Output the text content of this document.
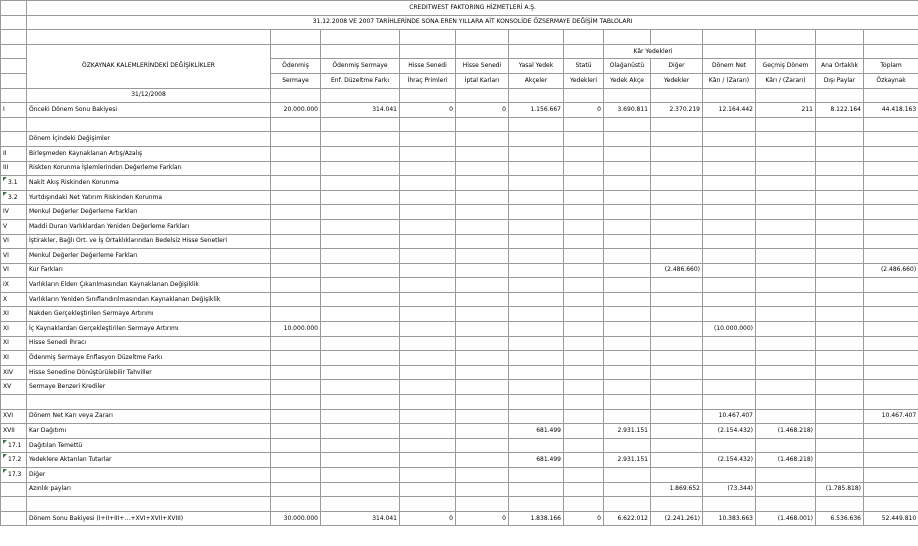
	CREDITWEST FAKTORING HİZMETLERİ A.Ş.												
	31.12.2008 VE 2007 TARİHLERİNDE SONA EREN YILLARA AİT KONSOLİDE ÖZSERMAYE DEĞİŞİM TABLOLARI												

	ÖZKAYNAK KALEMLERİNDEKİ DEĞİŞİKLİKLER							Kâr Yedekleri					
		Ödenmiş	Ödenmiş Sermaye	Hisse Senedi	Hisse Senedi	Yasal Yedek	Statü	Olağanüstü	Diğer	Dönem Net	Geçmiş Dönem	Ana Ortaklık	Toplam
		Sermaye	Enf. Düzeltme Farkı	İhraç Primleri	İptal Karları	Akçeler	Yedekleri	Yedek Akçe	Yedekler	Kârı / (Zararı)	Kârı / (Zararı)	Dışı Paylar	Özkaynak
	31/12/2008												
I	Önceki Dönem Sonu Bakiyesi	20.000.000	314.041	0	0	1.156.667	0	3.690.811	2.370.219	12.164.442	211	8.122.164	44.418.163

	Dönem İçindeki Değişimler												
II	Birleşmeden Kaynaklanan Artış/Azalış												
III	Riskten Korunma İşlemlerinden Değerleme Farkları												
3.1	Nakit Akış Riskinden Korunma												
3.2	Yurtdışındaki Net Yatırım Riskinden Korunma												
IV	Menkul Değerler Değerleme Farkları												
V	Maddi Duran Varlıklardan Yeniden Değerleme Farkları												
VI	İştirakler, Bağlı Ort. ve İş Ortaklıklarından Bedelsiz Hisse Senetleri												
VI	Menkul Değerler Değerleme Farkları												
VI	Kur Farkları								(2.486.660)				(2.486.660)
IX	Varlıkların Elden Çıkarılmasından Kaynaklanan Değişiklik												
X	Varlıkların Yeniden Sınıflandırılmasından Kaynaklanan Değişiklik												
XI	Nakden Gerçekleştirilen Sermaye Artırımı												
XI	İç Kaynaklardan Gerçekleştirilen Sermaye Artırımı	10.000.000								(10.000.000)			
XI	Hisse Senedi İhracı												
XI	Ödenmiş Sermaye Enflasyon Düzeltme Farkı												
XIV	Hisse Senedine Dönüştürülebilir Tahviller												
XV	Sermaye Benzeri Krediler												

XVI	Dönem Net Karı veya Zararı									10.467.407			10.467.407
XVII	Kar Dağıtımı					681.499		2.931.151		(2.154.432)	(1.468.218)		
17.1	Dağıtılan Temettü												
17.2	Yedeklere Aktarılan Tutarlar					681.499		2.931.151		(2.154.432)	(1.468.218)		
17.3	Diğer												
	Azınlık payları								1.869.652	(73.344)		(1.785.818)	

	Dönem Sonu Bakiyesi (I+II+III+…+XVI+XVII+XVIII)	30.000.000	314.041	0	0	1.838.166	0	6.622.012	(2.241.261)	10.383.663	(1.468.001)	6.536.636	52.449.810
